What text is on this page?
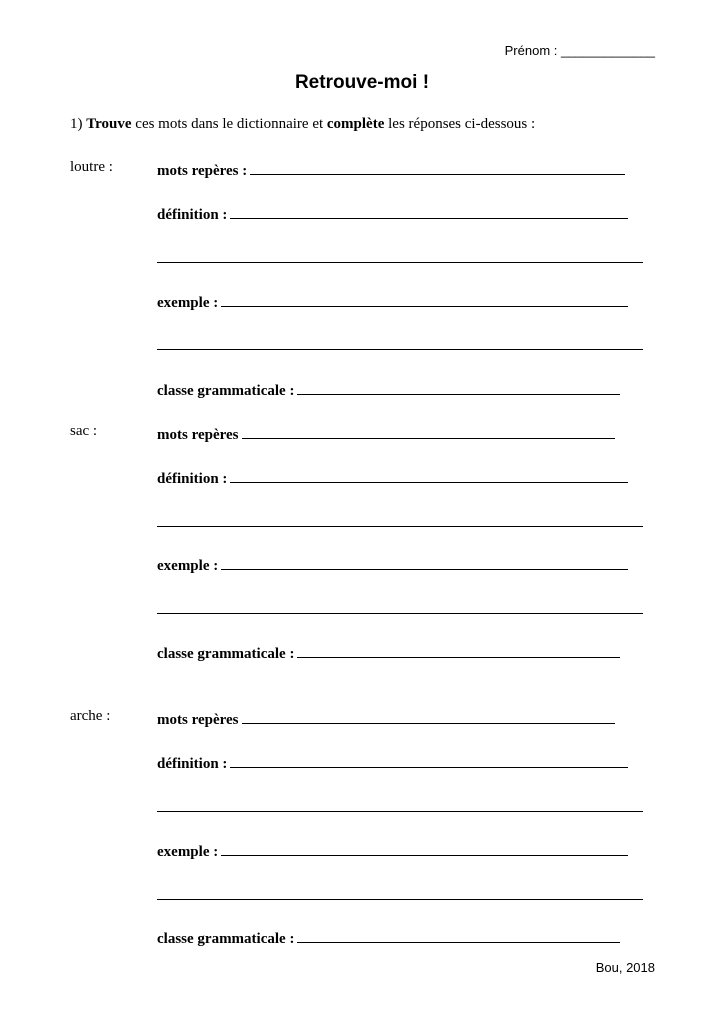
Prénom : _____________
Retrouve-moi !
1) Trouve ces mots dans le dictionnaire et complète les réponses ci-dessous :
loutre :	mots repères :
définition :
exemple :
classe grammaticale :
sac :	mots repères
définition :
exemple :
classe grammaticale :
arche :	mots repères
définition :
exemple :
classe grammaticale :
Bou, 2018
